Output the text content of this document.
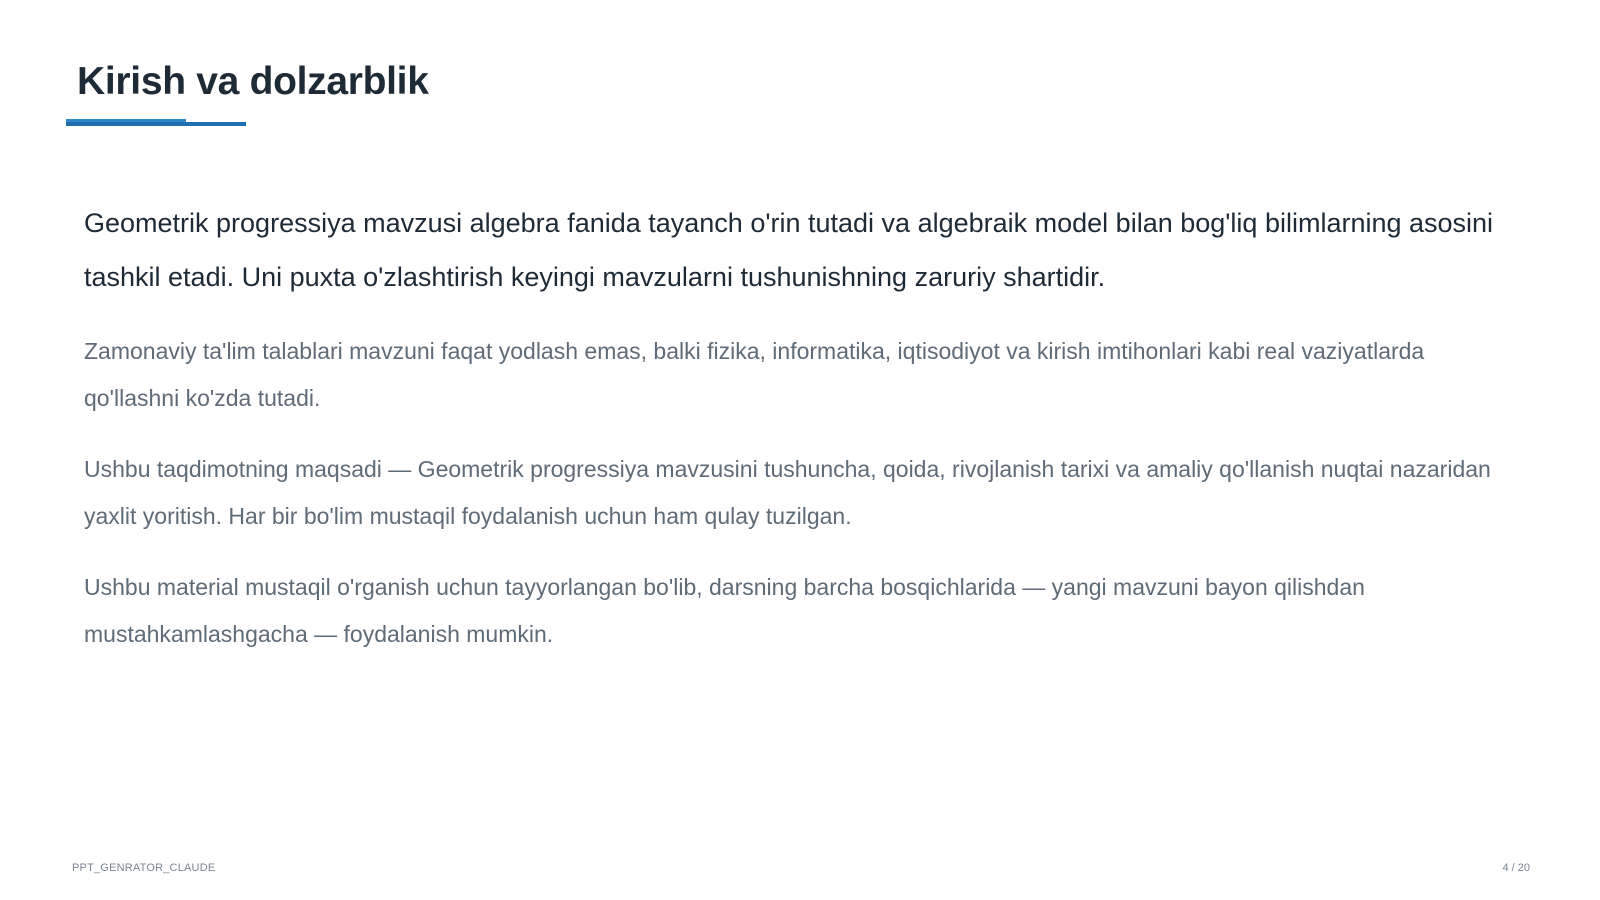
Kirish va dolzarblik

Geometrik progressiya mavzusi algebra fanida tayanch o'rin tutadi va algebraik model bilan bog'liq bilimlarning asosini tashkil etadi. Uni puxta o'zlashtirish keyingi mavzularni tushunishning zaruriy shartidir.

Zamonaviy ta'lim talablari mavzuni faqat yodlash emas, balki fizika, informatika, iqtisodiyot va kirish imtihonlari kabi real vaziyatlarda qo'llashni ko'zda tutadi.

Ushbu taqdimotning maqsadi — Geometrik progressiya mavzusini tushuncha, qoida, rivojlanish tarixi va amaliy qo'llanish nuqtai nazaridan yaxlit yoritish. Har bir bo'lim mustaqil foydalanish uchun ham qulay tuzilgan.

Ushbu material mustaqil o'rganish uchun tayyorlangan bo'lib, darsning barcha bosqichlarida — yangi mavzuni bayon qilishdan mustahkamlashgacha — foydalanish mumkin.

PPT_GENRATOR_CLAUDE	4 / 20
